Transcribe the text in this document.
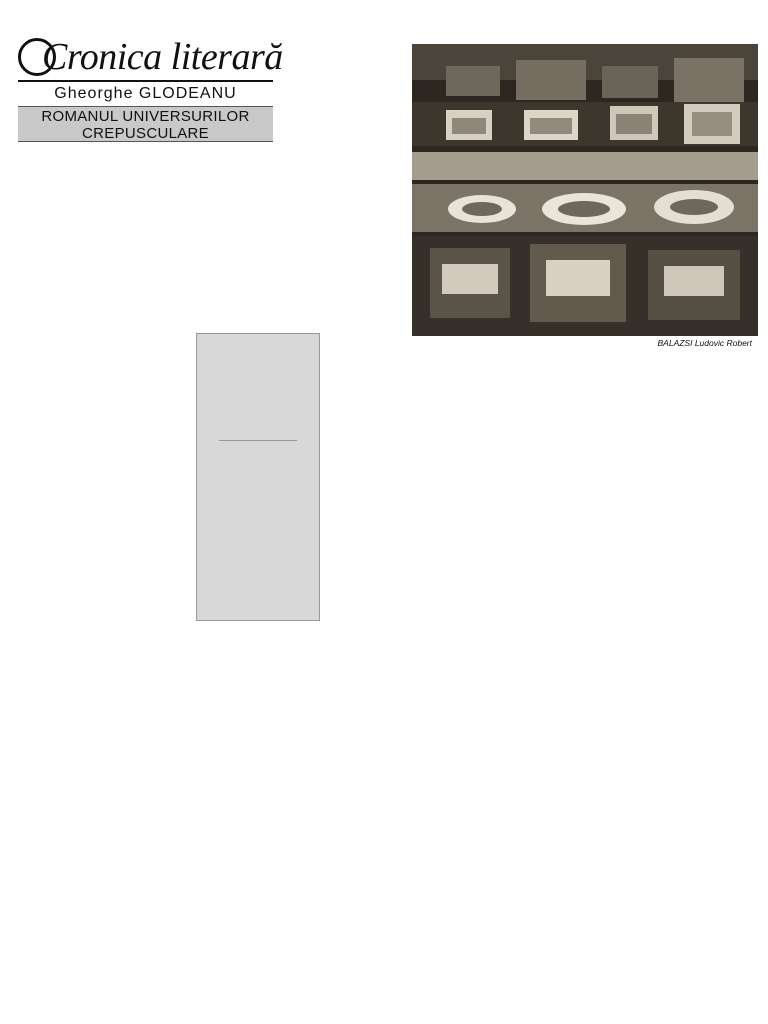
Cronica literară
Gheorghe GLODEANU
ROMANUL UNIVERSURILOR
CREPUSCULARE

BALAZSI Ludovic Robert
